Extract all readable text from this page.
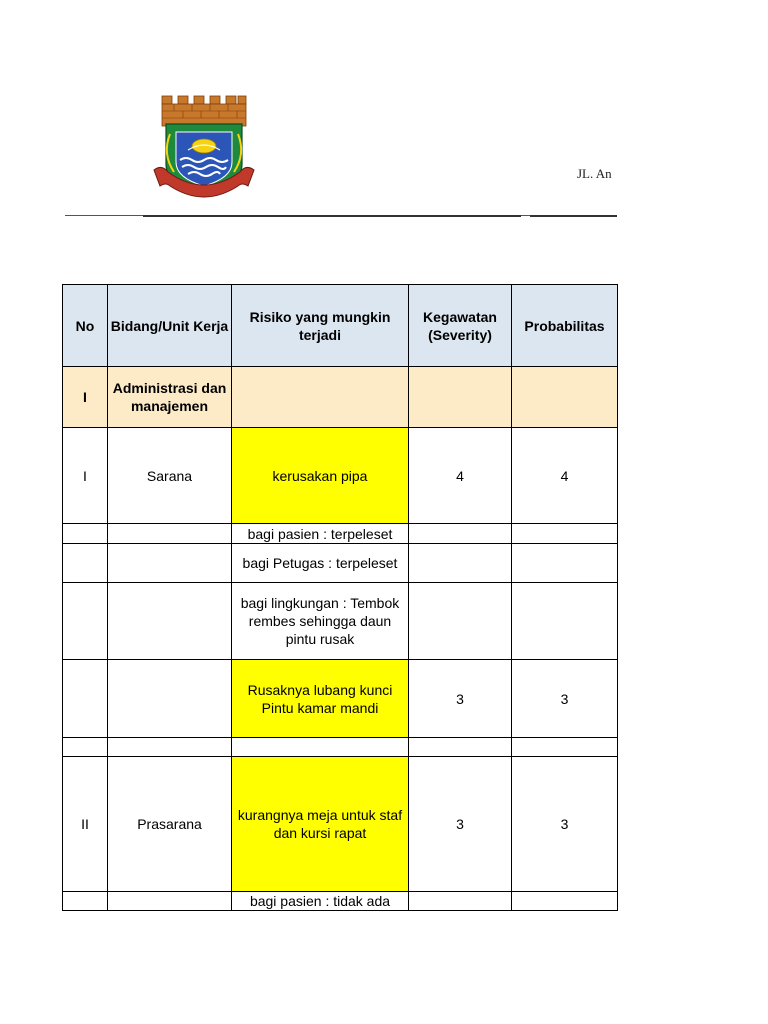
JL. An
No	Bidang/Unit Kerja	Risiko yang mungkin terjadi	Kegawatan (Severity)	Probabilitas
I	Administrasi dan manajemen			
I	Sarana	kerusakan pipa	4	4
		bagi pasien : terpeleset		
		bagi Petugas : terpeleset		
		bagi lingkungan : Tembok rembes sehingga daun pintu rusak		
		Rusaknya lubang kunci Pintu kamar mandi	3	3

II	Prasarana	kurangnya meja untuk staf dan kursi rapat	3	3
		bagi pasien : tidak ada		
